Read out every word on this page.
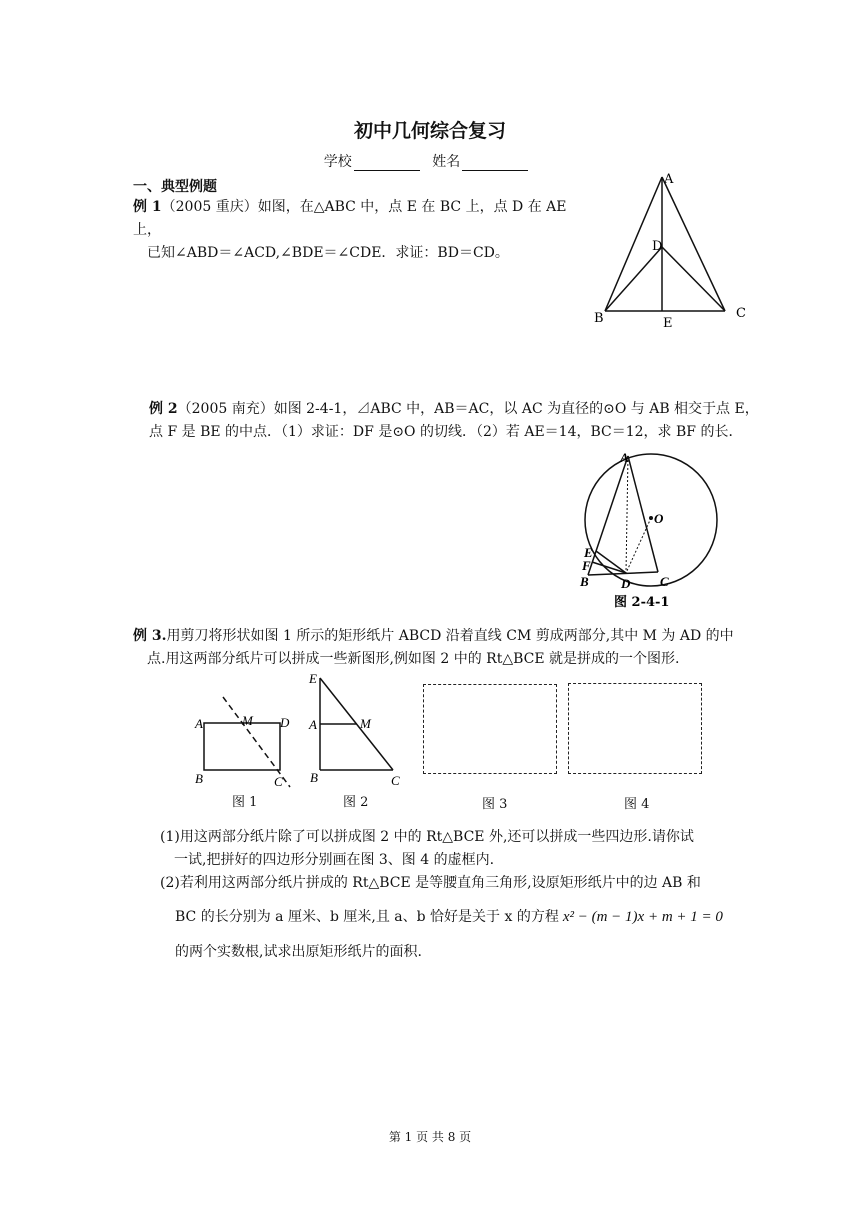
初中几何综合复习
学校	姓名
一、典型例题
例 1（2005 重庆）如图，在△ABC 中，点 E 在 BC 上，点 D 在 AE 上，
已知∠ABD＝∠ACD,∠BDE＝∠CDE．求证：BD＝CD。
A
D
B	C
E
例 2（2005 南充）如图 2-4-1，⊿ABC 中，AB＝AC，以 AC 为直径的⊙O 与 AB 相交于点 E，
点 F 是 BE 的中点．（1）求证：DF 是⊙O 的切线．（2）若 AE＝14，BC＝12，求 BF 的长．
A
O
E
F
B D C
图 2-4-1
例 3.用剪刀将形状如图 1 所示的矩形纸片 ABCD 沿着直线 CM 剪成两部分,其中 M 为 AD 的中
点.用这两部分纸片可以拼成一些新图形,例如图 2 中的 Rt△BCE 就是拼成的一个图形.
A	M D
B	C
图 1
E
A	M
B	C
图 2	图 3	图 4
(1)用这两部分纸片除了可以拼成图 2 中的 Rt△BCE 外,还可以拼成一些四边形.请你试
一试,把拼好的四边形分别画在图 3、图 4 的虚框内.
(2)若利用这两部分纸片拼成的 Rt△BCE 是等腰直角三角形,设原矩形纸片中的边 AB 和
BC 的长分别为 a 厘米、b 厘米,且 a、b 恰好是关于 x 的方程 x² − (m − 1)x + m + 1 = 0
的两个实数根,试求出原矩形纸片的面积.
第 1 页 共 8 页
